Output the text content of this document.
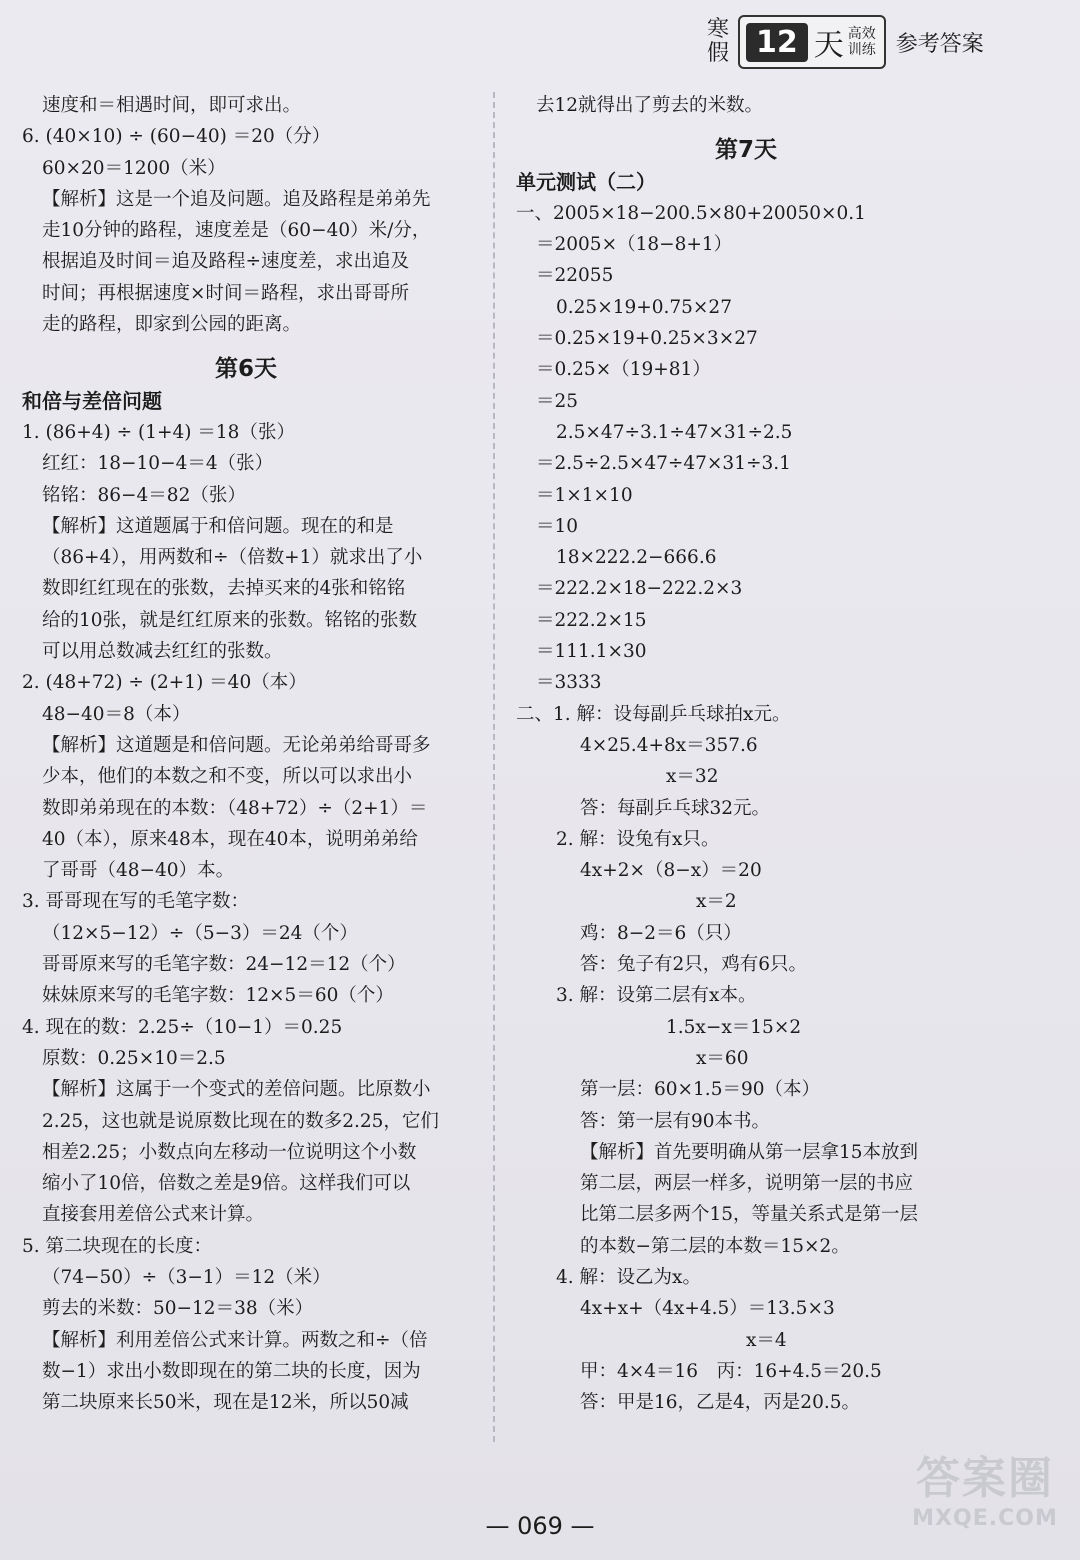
寒假 12 天 高效训练 参考答案
速度和＝相遇时间，即可求出。
6. (40×10) ÷ (60−40) ＝20（分）
60×20＝1200（米）
【解析】这是一个追及问题。追及路程是弟弟先
走10分钟的路程，速度差是（60−40）米/分，
根据追及时间＝追及路程÷速度差，求出追及
时间；再根据速度×时间＝路程，求出哥哥所
走的路程，即家到公园的距离。
第6天
和倍与差倍问题
1. (86+4) ÷ (1+4) ＝18（张）
红红：18−10−4＝4（张）
铭铭：86−4＝82（张）
【解析】这道题属于和倍问题。现在的和是
（86+4），用两数和÷（倍数+1）就求出了小
数即红红现在的张数，去掉买来的4张和铭铭
给的10张，就是红红原来的张数。铭铭的张数
可以用总数减去红红的张数。
2. (48+72) ÷ (2+1) ＝40（本）
48−40＝8（本）
【解析】这道题是和倍问题。无论弟弟给哥哥多
少本，他们的本数之和不变，所以可以求出小
数即弟弟现在的本数：（48+72）÷（2+1）＝
40（本），原来48本，现在40本，说明弟弟给
了哥哥（48−40）本。
3. 哥哥现在写的毛笔字数：
（12×5−12）÷（5−3）＝24（个）
哥哥原来写的毛笔字数：24−12＝12（个）
妹妹原来写的毛笔字数：12×5＝60（个）
4. 现在的数：2.25÷（10−1）＝0.25
原数：0.25×10＝2.5
【解析】这属于一个变式的差倍问题。比原数小
2.25，这也就是说原数比现在的数多2.25，它们
相差2.25；小数点向左移动一位说明这个小数
缩小了10倍，倍数之差是9倍。这样我们可以
直接套用差倍公式来计算。
5. 第二块现在的长度：
（74−50）÷（3−1）＝12（米）
剪去的米数：50−12＝38（米）
【解析】利用差倍公式来计算。两数之和÷（倍
数−1）求出小数即现在的第二块的长度，因为
第二块原来长50米，现在是12米，所以50减
去12就得出了剪去的米数。
第7天
单元测试（二）
一、2005×18−200.5×80+20050×0.1
＝2005×（18−8+1）
＝22055
0.25×19+0.75×27
＝0.25×19+0.25×3×27
＝0.25×（19+81）
＝25
2.5×47÷3.1÷47×31÷2.5
＝2.5÷2.5×47÷47×31÷3.1
＝1×1×10
＝10
18×222.2−666.6
＝222.2×18−222.2×3
＝222.2×15
＝111.1×30
＝3333
二、1. 解：设每副乒乓球拍x元。
4×25.4+8x＝357.6
x＝32
答：每副乒乓球32元。
2. 解：设兔有x只。
4x+2×（8−x）＝20
x＝2
鸡：8−2＝6（只）
答：兔子有2只，鸡有6只。
3. 解：设第二层有x本。
1.5x−x＝15×2
x＝60
第一层：60×1.5＝90（本）
答：第一层有90本书。
【解析】首先要明确从第一层拿15本放到
第二层，两层一样多，说明第一层的书应
比第二层多两个15，等量关系式是第一层
的本数−第二层的本数＝15×2。
4. 解：设乙为x。
4x+x+（4x+4.5）＝13.5×3
x＝4
甲：4×4＝16　丙：16+4.5＝20.5
答：甲是16，乙是4，丙是20.5。
— 069 —
答案圈
MXQE.COM
